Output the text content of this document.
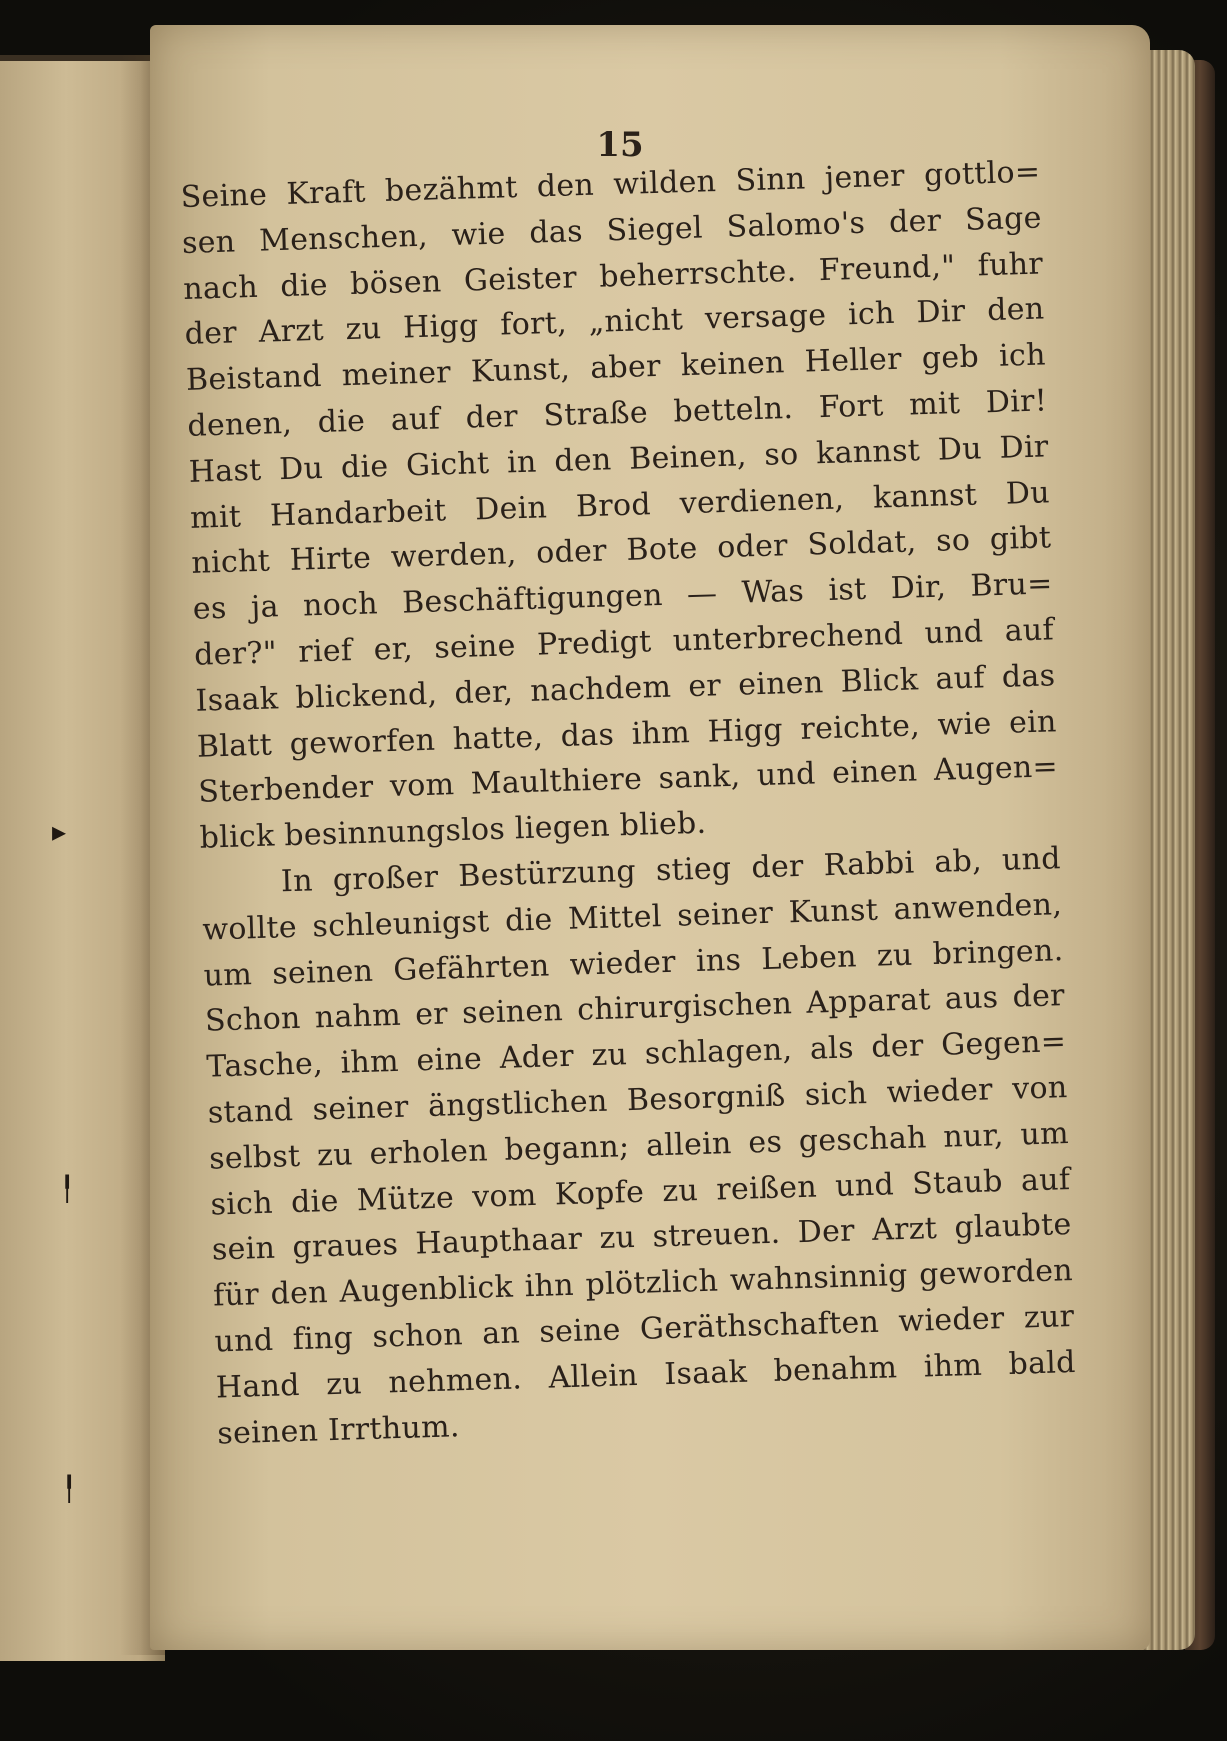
▸
╿
╿
15
Seine Kraft bezähmt den wilden Sinn jener gottlo=
sen Menschen, wie das Siegel Salomo's der Sage
nach die bösen Geister beherrschte. Freund," fuhr
der Arzt zu Higg fort, „nicht versage ich Dir den
Beistand meiner Kunst, aber keinen Heller geb ich
denen, die auf der Straße betteln. Fort mit Dir!
Hast Du die Gicht in den Beinen, so kannst Du Dir
mit Handarbeit Dein Brod verdienen, kannst Du
nicht Hirte werden, oder Bote oder Soldat, so gibt
es ja noch Beschäftigungen — Was ist Dir, Bru=
der?" rief er, seine Predigt unterbrechend und auf
Isaak blickend, der, nachdem er einen Blick auf das
Blatt geworfen hatte, das ihm Higg reichte, wie ein
Sterbender vom Maulthiere sank, und einen Augen=
blick besinnungslos liegen blieb.
In großer Bestürzung stieg der Rabbi ab, und
wollte schleunigst die Mittel seiner Kunst anwenden,
um seinen Gefährten wieder ins Leben zu bringen.
Schon nahm er seinen chirurgischen Apparat aus der
Tasche, ihm eine Ader zu schlagen, als der Gegen=
stand seiner ängstlichen Besorgniß sich wieder von
selbst zu erholen begann; allein es geschah nur, um
sich die Mütze vom Kopfe zu reißen und Staub auf
sein graues Haupthaar zu streuen. Der Arzt glaubte
für den Augenblick ihn plötzlich wahnsinnig geworden
und fing schon an seine Geräthschaften wieder zur
Hand zu nehmen. Allein Isaak benahm ihm bald
seinen Irrthum.
